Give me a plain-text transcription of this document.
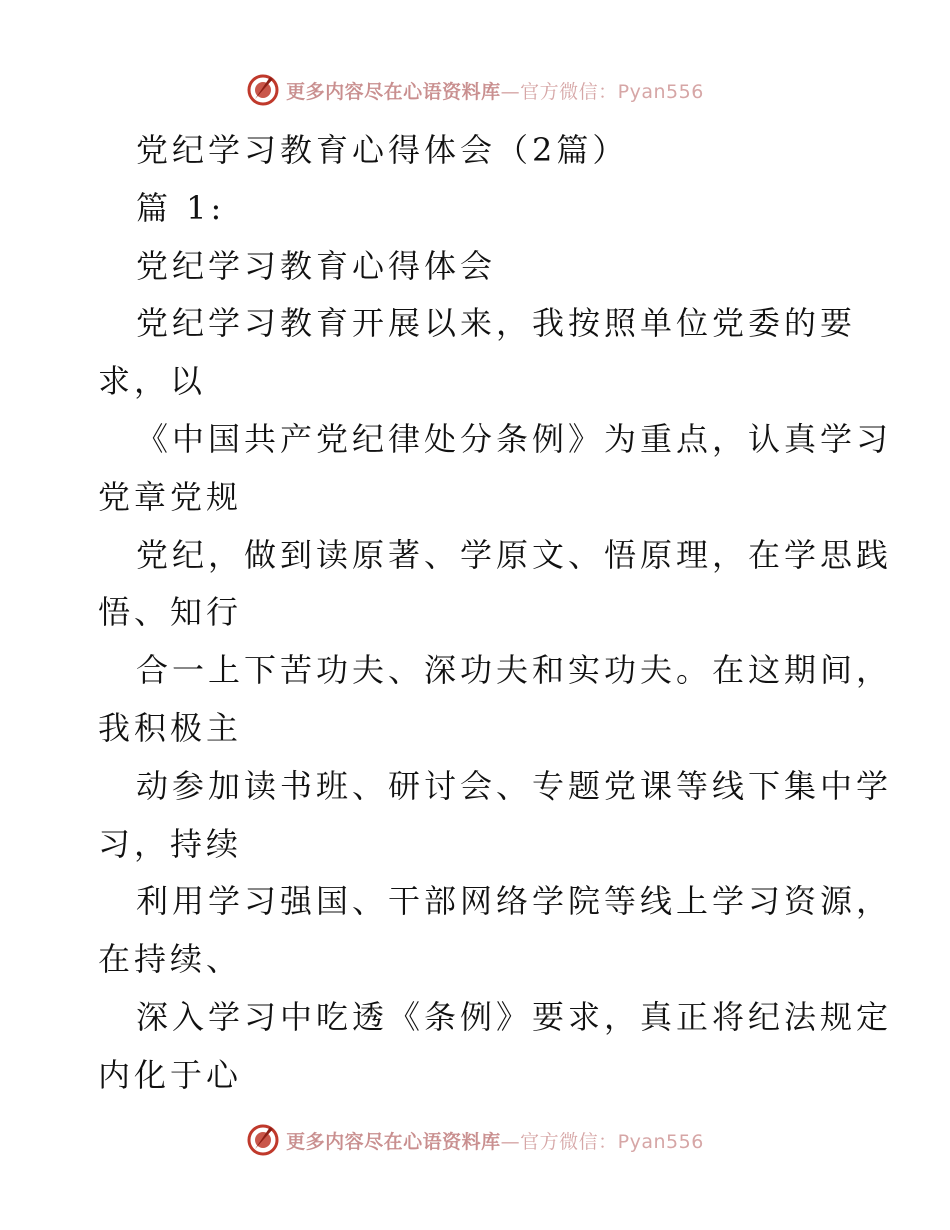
更多内容尽在心语资料库—官方微信：Pyan556
党纪学习教育心得体会（2篇）
篇 1:
党纪学习教育心得体会
党纪学习教育开展以来，我按照单位党委的要
求，以
《中国共产党纪律处分条例》为重点，认真学习
党章党规
党纪，做到读原著、学原文、悟原理，在学思践
悟、知行
合一上下苦功夫、深功夫和实功夫。在这期间，
我积极主
动参加读书班、研讨会、专题党课等线下集中学
习，持续
利用学习强国、干部网络学院等线上学习资源，
在持续、
深入学习中吃透《条例》要求，真正将纪法规定
内化于心
更多内容尽在心语资料库—官方微信：Pyan556
